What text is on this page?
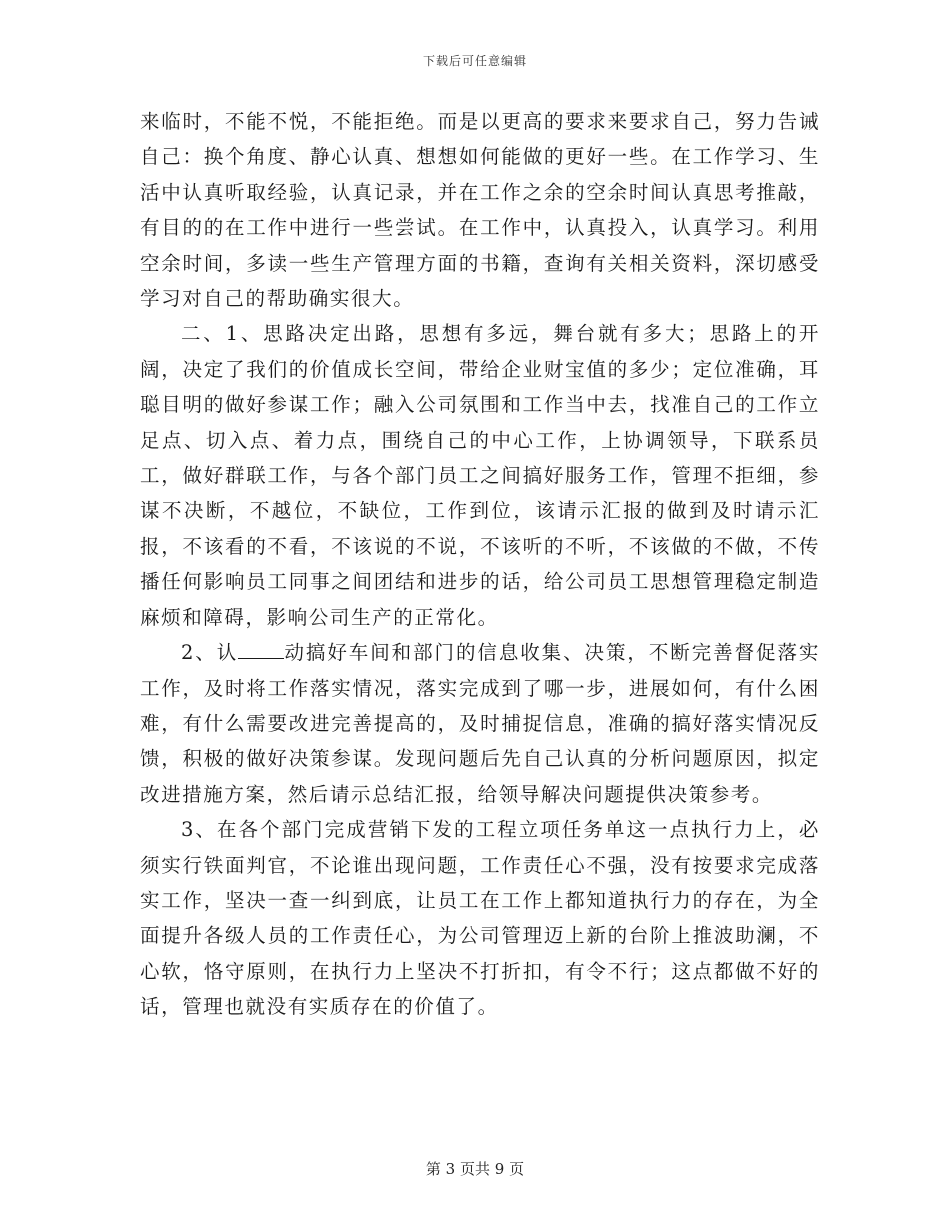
下载后可任意编辑

来临时，不能不悦，不能拒绝。而是以更高的要求来要求自己，努力告诫自己：换个角度、静心认真、想想如何能做的更好一些。在工作学习、生活中认真听取经验，认真记录，并在工作之余的空余时间认真思考推敲，有目的的在工作中进行一些尝试。在工作中，认真投入，认真学习。利用空余时间，多读一些生产管理方面的书籍，查询有关相关资料，深切感受学习对自己的帮助确实很大。

二、1、思路决定出路，思想有多远，舞台就有多大；思路上的开阔，决定了我们的价值成长空间，带给企业财宝值的多少；定位准确，耳聪目明的做好参谋工作；融入公司氛围和工作当中去，找准自己的工作立足点、切入点、着力点，围绕自己的中心工作，上协调领导，下联系员工，做好群联工作，与各个部门员工之间搞好服务工作，管理不拒细，参谋不决断，不越位，不缺位，工作到位，该请示汇报的做到及时请示汇报，不该看的不看，不该说的不说，不该听的不听，不该做的不做，不传播任何影响员工同事之间团结和进步的话，给公司员工思想管理稳定制造麻烦和障碍，影响公司生产的正常化。

2、认 动搞好车间和部门的信息收集、决策，不断完善督促落实工作，及时将工作落实情况，落实完成到了哪一步，进展如何，有什么困难，有什么需要改进完善提高的，及时捕捉信息，准确的搞好落实情况反馈，积极的做好决策参谋。发现问题后先自己认真的分析问题原因，拟定改进措施方案，然后请示总结汇报，给领导解决问题提供决策参考。

3、在各个部门完成营销下发的工程立项任务单这一点执行力上，必须实行铁面判官，不论谁出现问题，工作责任心不强，没有按要求完成落实工作，坚决一查一纠到底，让员工在工作上都知道执行力的存在，为全面提升各级人员的工作责任心，为公司管理迈上新的台阶上推波助澜，不心软，恪守原则，在执行力上坚决不打折扣，有令不行；这点都做不好的话，管理也就没有实质存在的价值了。

第 3 页共 9 页
